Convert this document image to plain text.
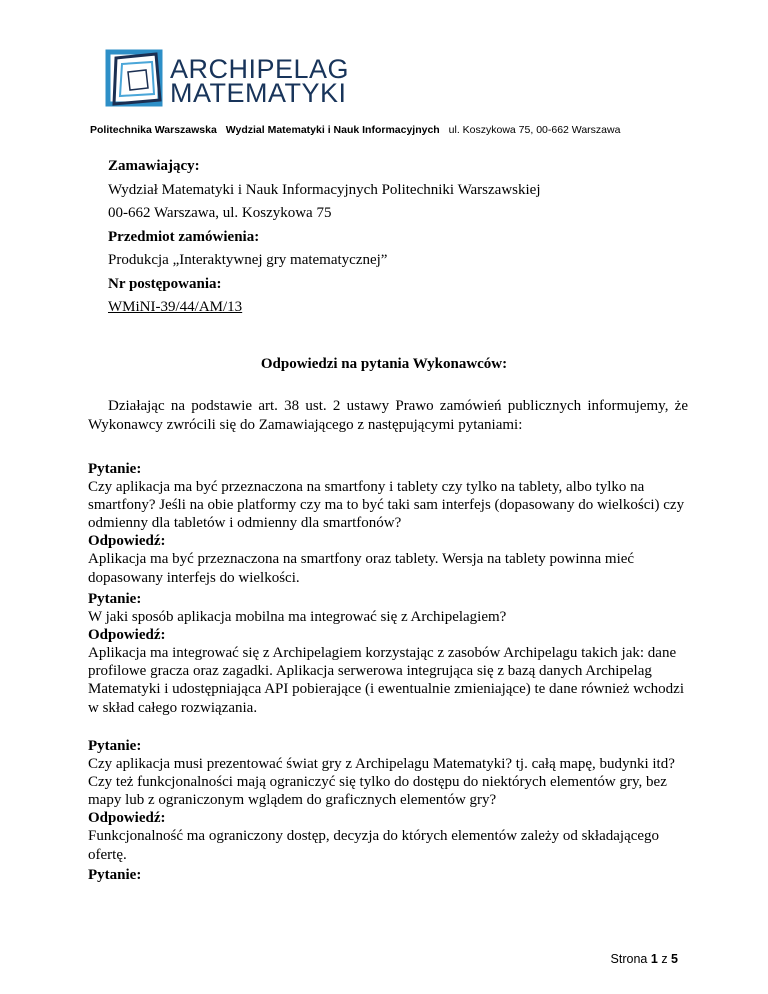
ARCHIPELAG
MATEMATYKI
Politechnika Warszawska Wydzial Matematyki i Nauk Informacyjnych ul. Koszykowa 75, 00-662 Warszawa

Zamawiający:

Wydział Matematyki i Nauk Informacyjnych Politechniki Warszawskiej

00-662 Warszawa, ul. Koszykowa 75

Przedmiot zamówienia:

Produkcja „Interaktywnej gry matematycznej”

Nr postępowania:

WMiNI-39/44/AM/13

Odpowiedzi na pytania Wykonawców:
Działając na podstawie art. 38 ust. 2 ustawy Prawo zamówień publicznych informujemy, że Wykonawcy zwrócili się do Zamawiającego z następującymi pytaniami:

Pytanie:

Czy aplikacja ma być przeznaczona na smartfony i tablety czy tylko na tablety, albo tylko na smartfony? Jeśli na obie platformy czy ma to być taki sam interfejs (dopasowany do wielkości) czy odmienny dla tabletów i odmienny dla smartfonów?

Odpowiedź:

Aplikacja ma być przeznaczona na smartfony oraz tablety. Wersja na tablety powinna mieć dopasowany interfejs do wielkości.

Pytanie:

W jaki sposób aplikacja mobilna ma integrować się z Archipelagiem?

Odpowiedź:

Aplikacja ma integrować się z Archipelagiem korzystając z zasobów Archipelagu takich jak: dane profilowe gracza oraz zagadki. Aplikacja serwerowa integrująca się z bazą danych Archipelag Matematyki i udostępniająca API pobierające (i ewentualnie zmieniające) te dane również wchodzi w skład całego rozwiązania.

Pytanie:

Czy aplikacja musi prezentować świat gry z Archipelagu Matematyki? tj. całą mapę, budynki itd? Czy też funkcjonalności mają ograniczyć się tylko do dostępu do niektórych elementów gry, bez mapy lub z ograniczonym wglądem do graficznych elementów gry?

Odpowiedź:

Funkcjonalność ma ograniczony dostęp, decyzja do których elementów zależy od składającego ofertę.

Pytanie:

Strona 1 z 5
